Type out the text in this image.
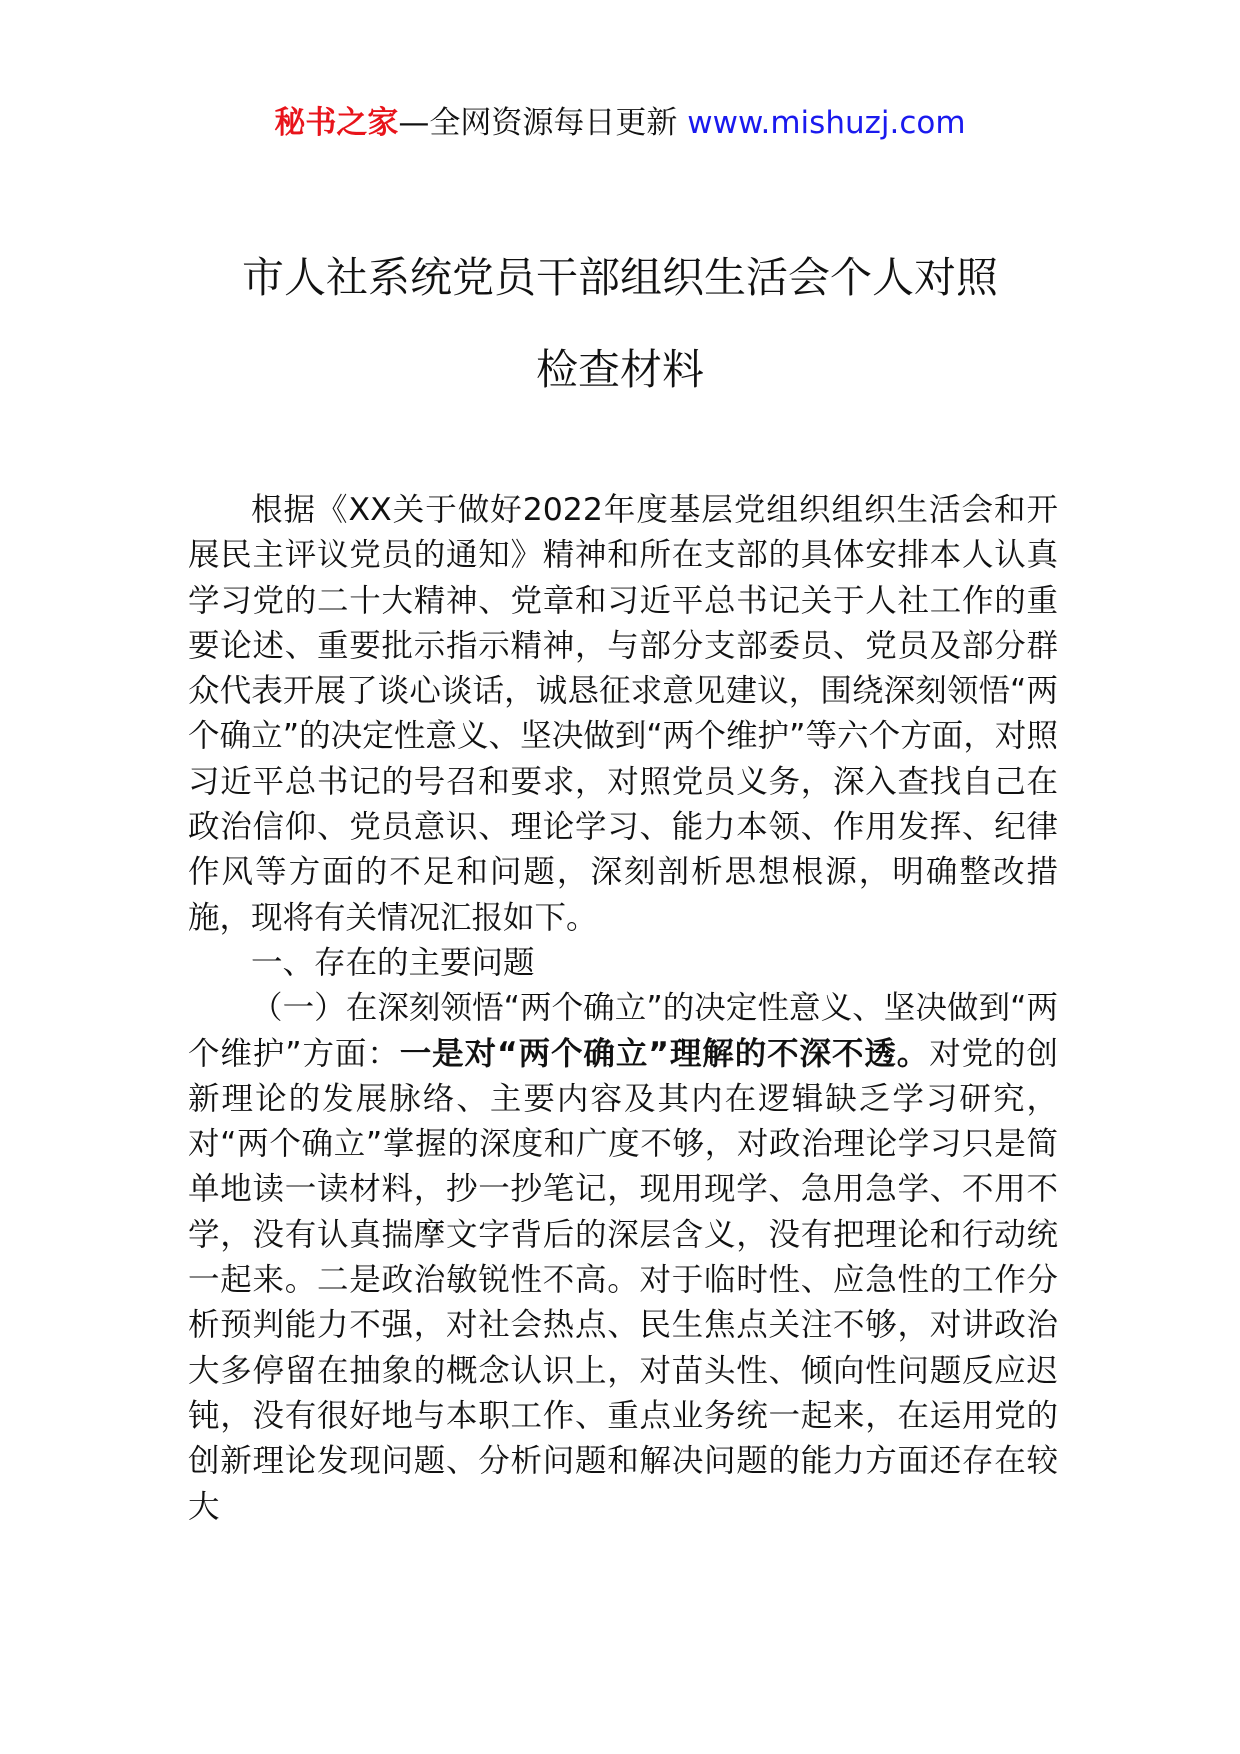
秘书之家—全网资源每日更新 www.mishuzj.com
市人社系统党员干部组织生活会个人对照
检查材料

根据《XX关于做好2022年度基层党组织组织生活会和开展民主评议党员的通知》精神和所在支部的具体安排本人认真学习党的二十大精神、党章和习近平总书记关于人社工作的重要论述、重要批示指示精神，与部分支部委员、党员及部分群众代表开展了谈心谈话，诚恳征求意见建议，围绕深刻领悟“两个确立”的决定性意义、坚决做到“两个维护”等六个方面，对照习近平总书记的号召和要求，对照党员义务，深入查找自己在政治信仰、党员意识、理论学习、能力本领、作用发挥、纪律作风等方面的不足和问题，深刻剖析思想根源，明确整改措施，现将有关情况汇报如下。

一、存在的主要问题

（一）在深刻领悟“两个确立”的决定性意义、坚决做到“两个维护”方面：一是对“两个确立”理解的不深不透。对党的创新理论的发展脉络、主要内容及其内在逻辑缺乏学习研究，对“两个确立”掌握的深度和广度不够，对政治理论学习只是简单地读一读材料，抄一抄笔记，现用现学、急用急学、不用不学，没有认真揣摩文字背后的深层含义，没有把理论和行动统一起来。二是政治敏锐性不高。对于临时性、应急性的工作分析预判能力不强，对社会热点、民生焦点关注不够，对讲政治大多停留在抽象的概念认识上，对苗头性、倾向性问题反应迟钝，没有很好地与本职工作、重点业务统一起来，在运用党的创新理论发现问题、分析问题和解决问题的能力方面还存在较大
